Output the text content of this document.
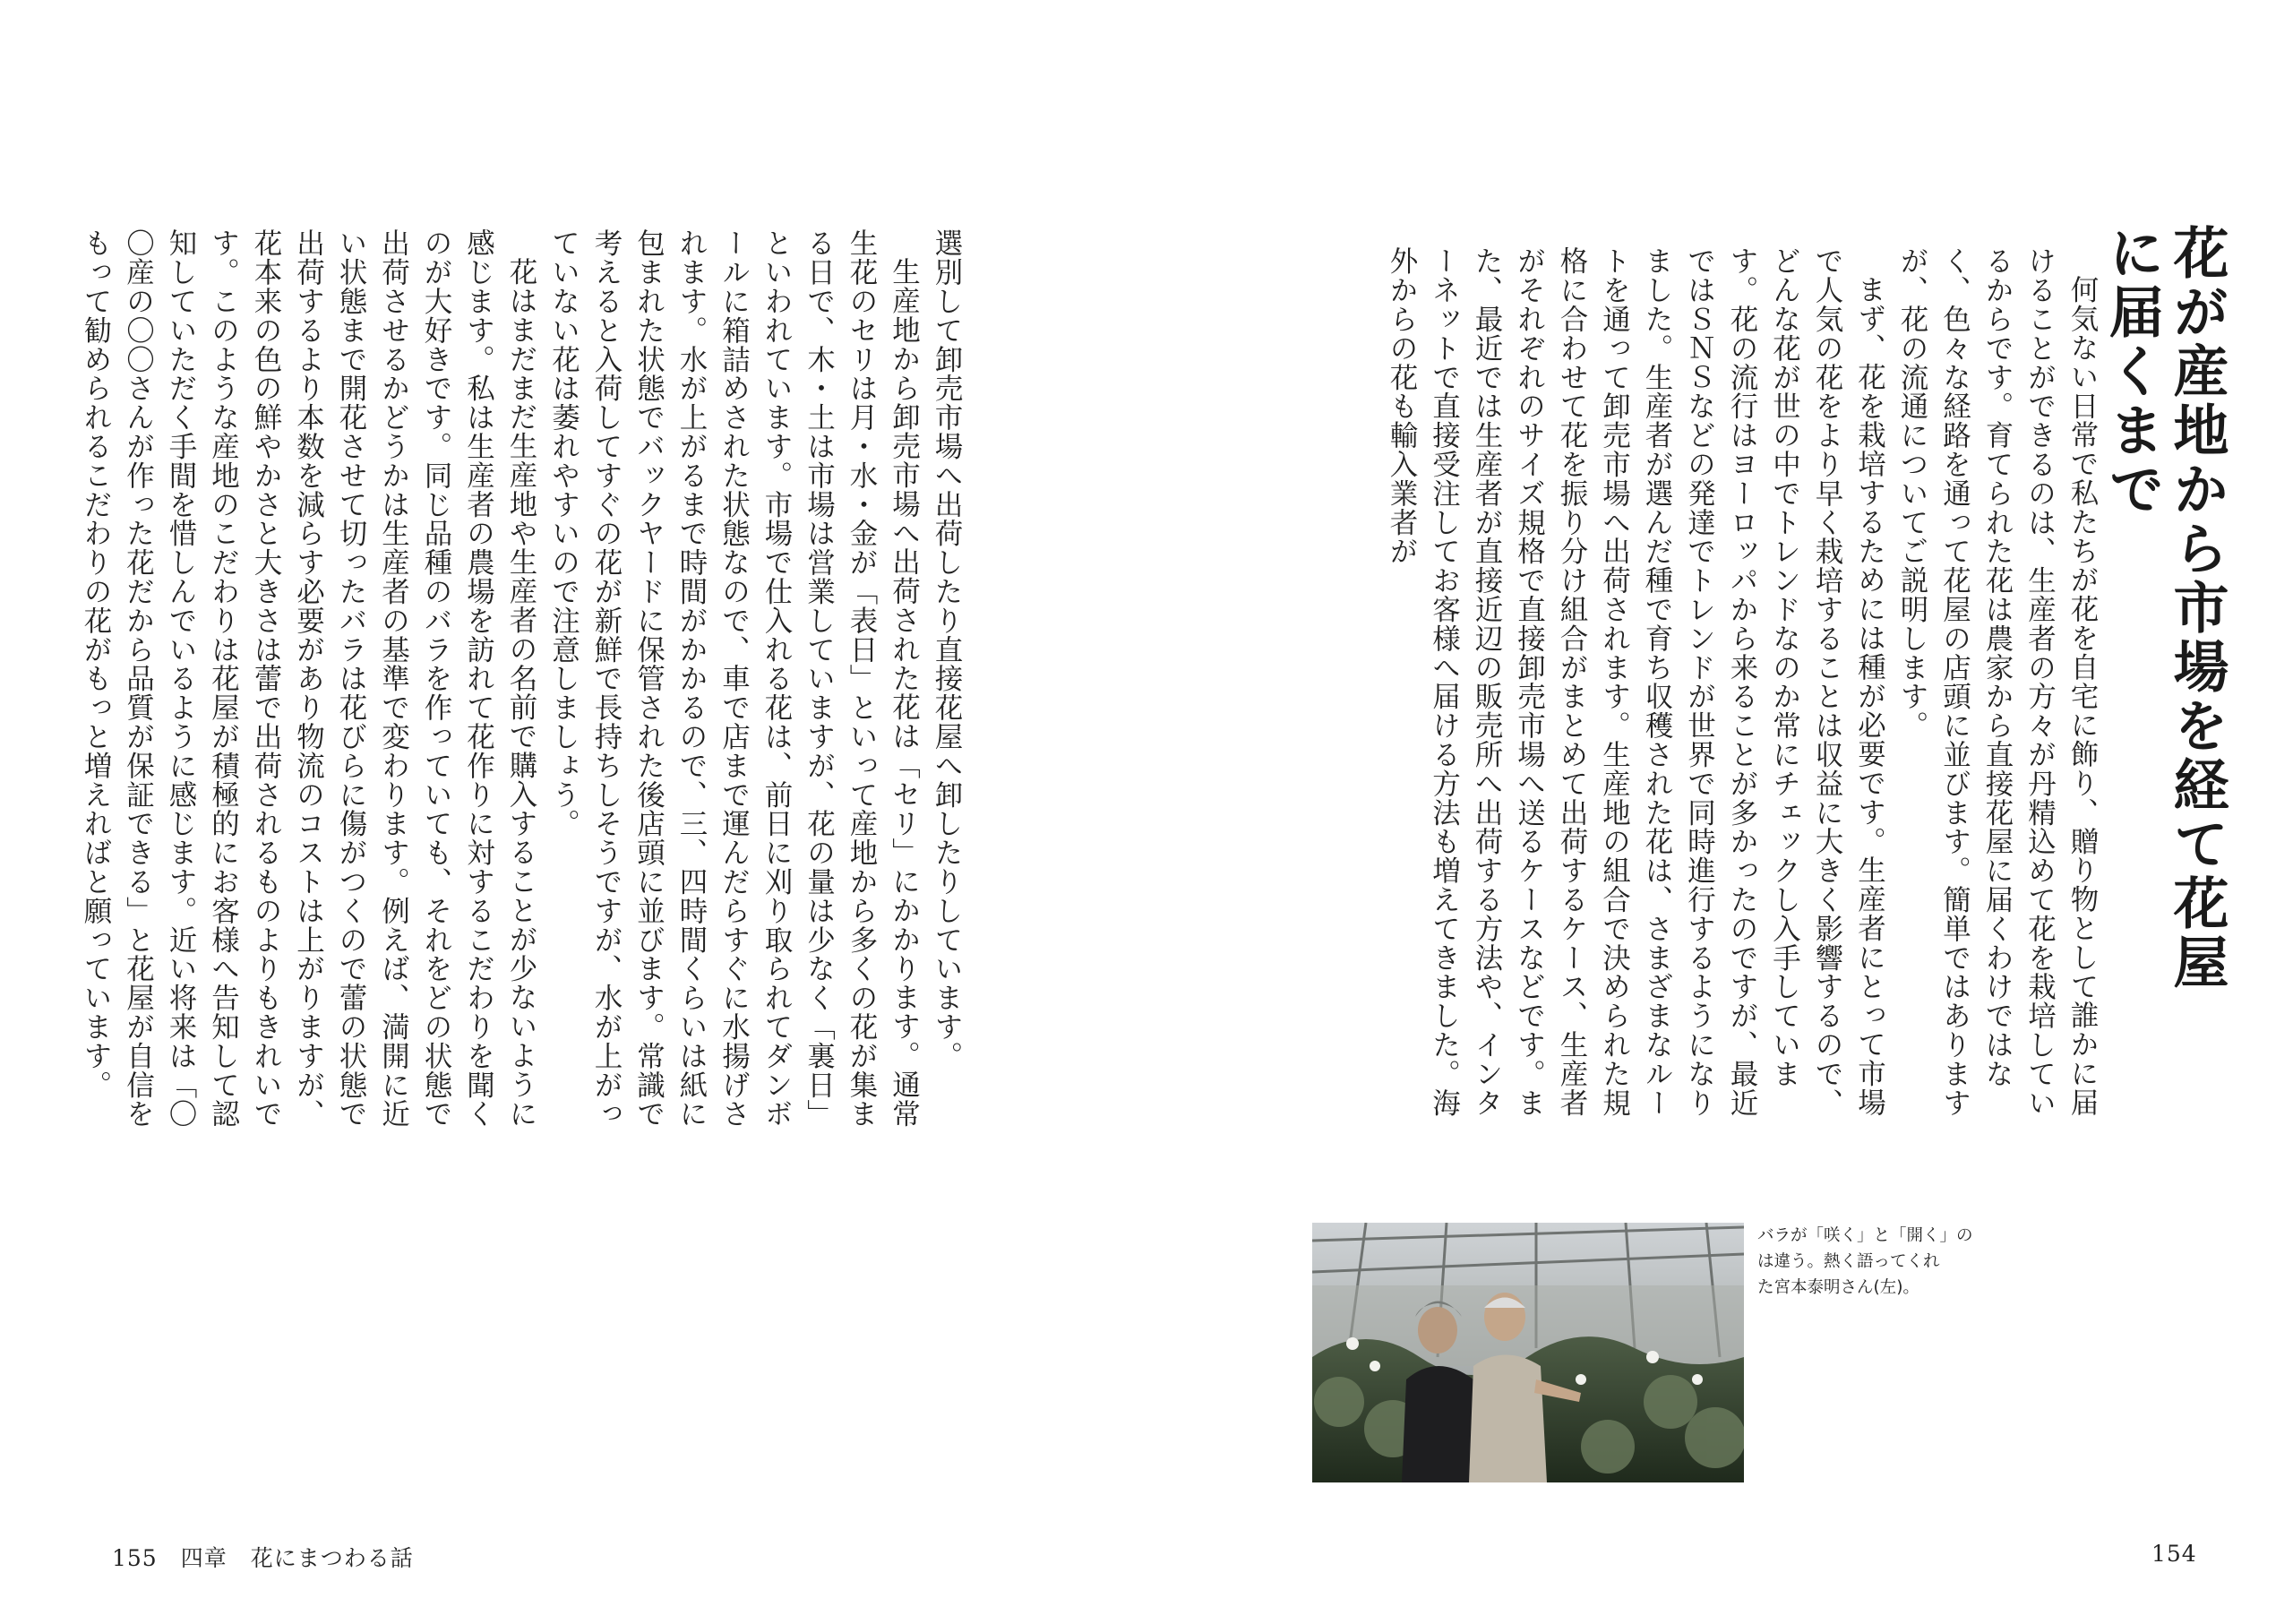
花が産地から市場を経て花屋に届くまで
何気ない日常で私たちが花を自宅に飾り、贈り物として誰かに届けることができるのは、生産者の方々が丹精込めて花を栽培しているからです。育てられた花は農家から直接花屋に届くわけではなく、色々な経路を通って花屋の店頭に並びます。簡単ではありますが、花の流通についてご説明します。
まず、花を栽培するためには種が必要です。生産者にとって市場で人気の花をより早く栽培することは収益に大きく影響するので、どんな花が世の中でトレンドなのか常にチェックし入手しています。花の流行はヨーロッパから来ることが多かったのですが、最近ではＳＮＳなどの発達でトレンドが世界で同時進行するようになりました。生産者が選んだ種で育ち収穫された花は、さまざまなルートを通って卸売市場へ出荷されます。生産地の組合で決められた規格に合わせて花を振り分け組合がまとめて出荷するケース、生産者がそれぞれのサイズ規格で直接卸売市場へ送るケースなどです。また、最近では生産者が直接近辺の販売所へ出荷する方法や、インターネットで直接受注してお客様へ届ける方法も増えてきました。海外からの花も輸入業者が
バラが「咲く」と「開く」の
は違う。熱く語ってくれ
た宮本泰明さん(左)。
154
選別して卸売市場へ出荷したり直接花屋へ卸したりしています。
生産地から卸売市場へ出荷された花は「セリ」にかかります。通常生花のセリは月・水・金が「表日」といって産地から多くの花が集まる日で、木・土は市場は営業していますが、花の量は少なく「裏日」といわれています。市場で仕入れる花は、前日に刈り取られてダンボールに箱詰めされた状態なので、車で店まで運んだらすぐに水揚げされます。水が上がるまで時間がかかるので、三、四時間くらいは紙に包まれた状態でバックヤードに保管された後店頭に並びます。常識で考えると入荷してすぐの花が新鮮で長持ちしそうですが、水が上がっていない花は萎れやすいので注意しましょう。
花はまだまだ生産地や生産者の名前で購入することが少ないように感じます。私は生産者の農場を訪れて花作りに対するこだわりを聞くのが大好きです。同じ品種のバラを作っていても、それをどの状態で出荷させるかどうかは生産者の基準で変わります。例えば、満開に近い状態まで開花させて切ったバラは花びらに傷がつくので蕾の状態で出荷するより本数を減らす必要があり物流のコストは上がりますが、花本来の色の鮮やかさと大きさは蕾で出荷されるものよりもきれいです。このような産地のこだわりは花屋が積極的にお客様へ告知して認知していただく手間を惜しんでいるように感じます。近い将来は「〇〇産の〇〇さんが作った花だから品質が保証できる」と花屋が自信をもって勧められるこだわりの花がもっと増えればと願っています。
155 四章 花にまつわる話
